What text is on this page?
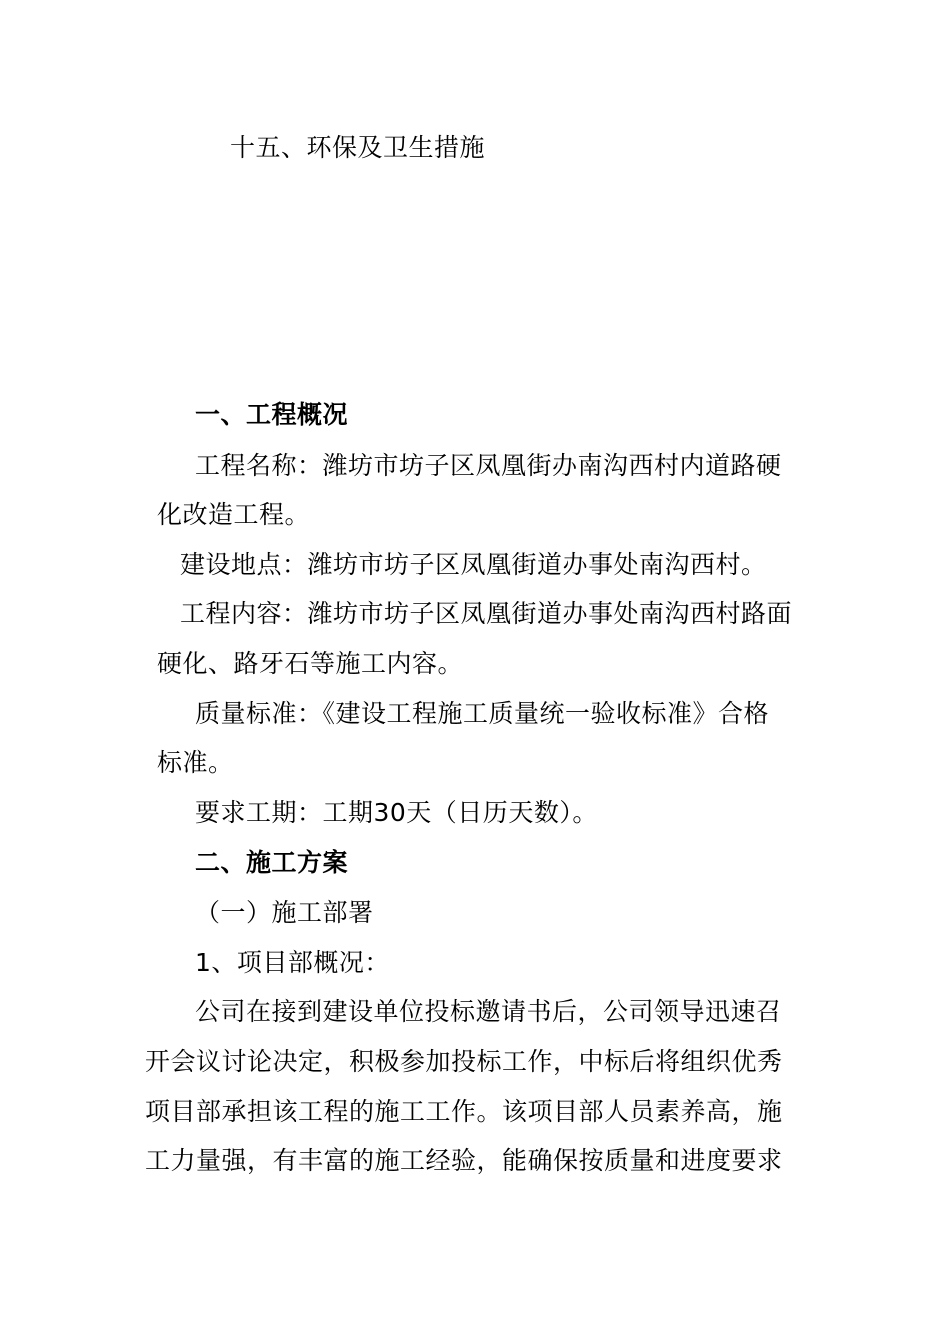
十五、环保及卫生措施
一、工程概况
工程名称：潍坊市坊子区凤凰街办南沟西村内道路硬
化改造工程。
建设地点：潍坊市坊子区凤凰街道办事处南沟西村。
工程内容：潍坊市坊子区凤凰街道办事处南沟西村路面
硬化、路牙石等施工内容。
质量标准：《建设工程施工质量统一验收标准》合格
标准。
要求工期：工期30天（日历天数）。
二、施工方案
（一）施工部署
1、项目部概况：
公司在接到建设单位投标邀请书后，公司领导迅速召
开会议讨论决定，积极参加投标工作，中标后将组织优秀
项目部承担该工程的施工工作。该项目部人员素养高，施
工力量强，有丰富的施工经验，能确保按质量和进度要求
